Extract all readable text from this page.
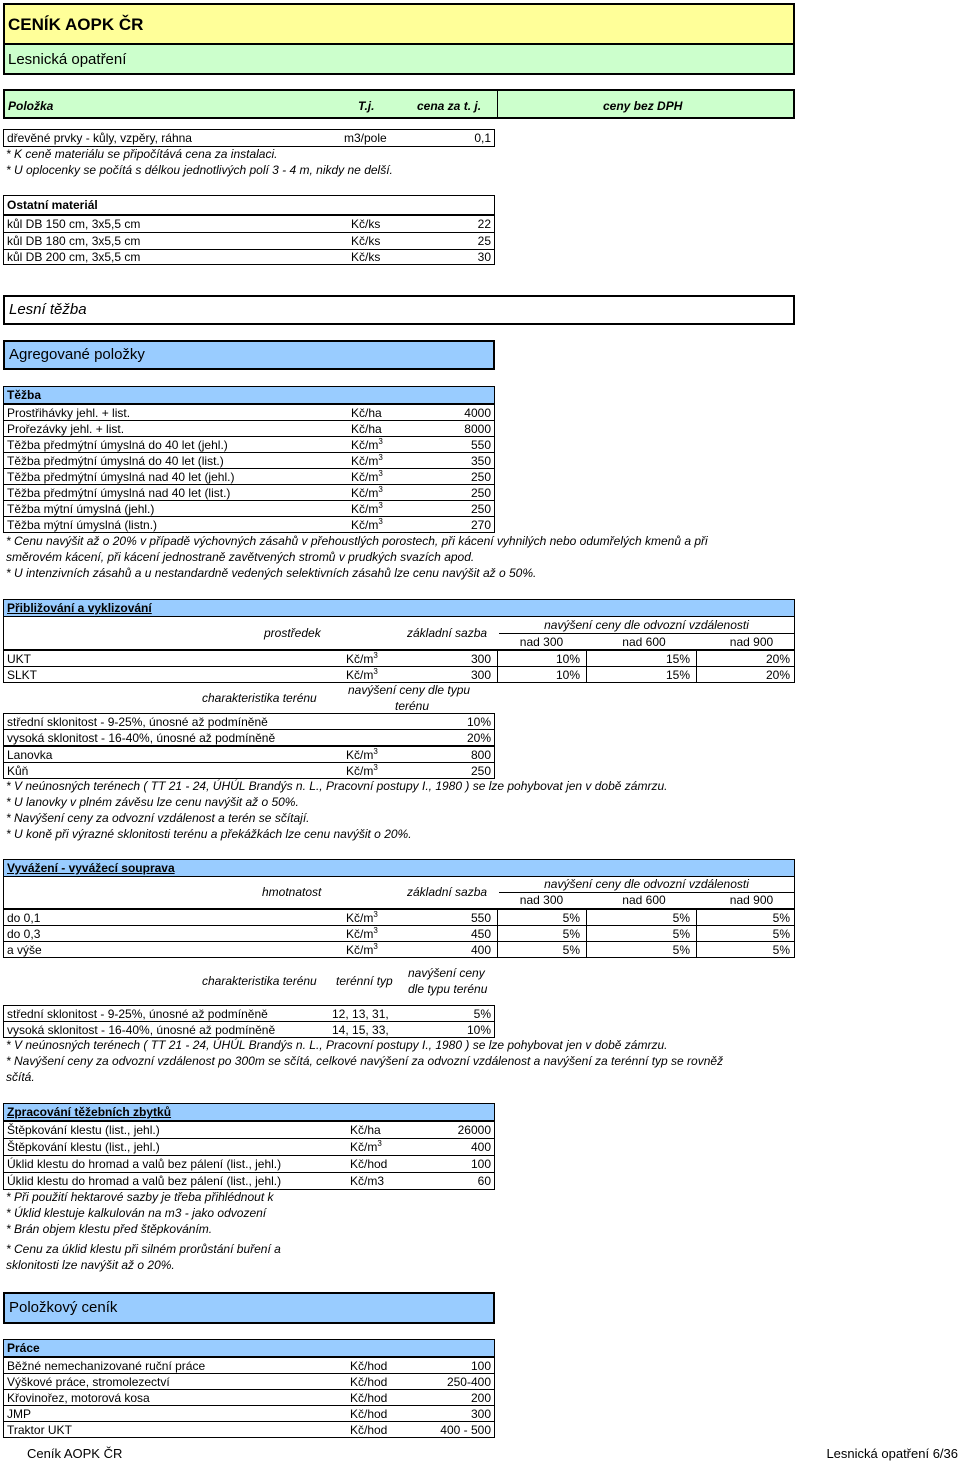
CENÍK AOPK ČR
Lesnická opatření
Položka	T.j.	cena za t. j.	ceny bez DPH
dřevěné prvky - kůly, vzpěry, ráhna	m3/pole	0,1
* K ceně materiálu se připočítává cena za instalaci.
* U oplocenky se počítá s délkou jednotlivých polí 3 - 4 m, nikdy ne delší.
Ostatní materiál
kůl DB 150 cm, 3x5,5 cm	Kč/ks	22
kůl DB 180 cm, 3x5,5 cm	Kč/ks	25
kůl DB 200 cm, 3x5,5 cm	Kč/ks	30
Lesní těžba
Agregované položky
Těžba
Prostřihávky jehl. + list.	Kč/ha	4000
Prořezávky jehl. + list.	Kč/ha	8000
Těžba předmýtní úmyslná do 40 let (jehl.)	$Kč/m^3$	550
Těžba předmýtní úmyslná do 40 let (list.)	$Kč/m^3$	350
Těžba předmýtní úmyslná nad 40 let (jehl.)	$Kč/m^3$	250
Těžba předmýtní úmyslná nad 40 let (list.)	$Kč/m^3$	250
Těžba mýtní úmyslná (jehl.)	$Kč/m^3$	250
Těžba mýtní úmyslná (listn.)	$Kč/m^3$	270
* Cenu navýšit až o 20% v případě výchovných zásahů v přehoustlých porostech, při kácení vyhnilých nebo odumřelých kmenů a při
směrovém kácení, při kácení jednostraně zavětvených stromů v prudkých svazích apod.
* U intenzivních zásahů a u nestandardně vedených selektivních zásahů lze cenu navýšit až o 50%.
Přibližování a vyklizování
prostředek	základní sazba
navýšení ceny dle odvozní vzdálenosti
nad 300	nad 600	nad 900
UKT	$Kč/m^3$	300	10%	15%	20%
SLKT	$Kč/m^3$	300	10%	15%	20%
charakteristika terénu
navýšení ceny dle typu
terénu
střední sklonitost - 9-25%, únosné až podmíněně	10%
vysoká sklonitost - 16-40%, únosné až podmíněně	20%
Lanovka	$Kč/m^3$	800
Kůň	$Kč/m^3$	250
* V neúnosných terénech ( TT 21 - 24, ÚHÚL Brandýs n. L., Pracovní postupy I., 1980 ) se lze pohybovat jen v době zámrzu.
* U lanovky v plném závěsu lze cenu navýšit až o 50%.
* Navýšení ceny za odvozní vzdálenost a terén se sčítají.
* U koně při výrazné sklonitosti terénu a překážkách lze cenu navýšit o 20%.
Vyvážení - vyvážecí souprava
hmotnatost	základní sazba
navýšení ceny dle odvozní vzdálenosti
nad 300	nad 600	nad 900
do 0,1	$Kč/m^3$	550	5%	5%	5%
do 0,3	$Kč/m^3$	450	5%	5%	5%
a výše	$Kč/m^3$	400	5%	5%	5%
charakteristika terénu terénní typ
navýšení ceny
dle typu terénu
střední sklonitost - 9-25%, únosné až podmíněně	12, 13, 31,	5%
vysoká sklonitost - 16-40%, únosné až podmíněně	14, 15, 33,	10%
* V neúnosných terénech ( TT 21 - 24, ÚHÚL Brandýs n. L., Pracovní postupy I., 1980 ) se lze pohybovat jen v době zámrzu.
* Navýšení ceny za odvozní vzdálenost po 300m se sčítá, celkové navýšení za odvozní vzdálenost a navýšení za terénní typ se rovněž
sčítá.
Zpracování těžebních zbytků
Štěpkování klestu (list., jehl.)	Kč/ha	26000
Štěpkování klestu (list., jehl.)	$Kč/m^3$	400
Úklid klestu do hromad a valů bez pálení (list., jehl.)	Kč/hod	100
Úklid klestu do hromad a valů bez pálení (list., jehl.)	Kč/m3	60
* Při použití hektarové sazby je třeba přihlédnout k
* Úklid klestuje kalkulován na m3 - jako odvození
* Brán objem klestu před štěpkováním.
* Cenu za úklid klestu při silném prorůstání buření a
sklonitosti lze navýšit až o 20%.
Položkový ceník
Práce
Běžné nemechanizované ruční práce	Kč/hod	100
Výškové práce, stromolezectví	Kč/hod	250-400
Křovinořez, motorová kosa	Kč/hod	200
JMP	Kč/hod	300
Traktor UKT	Kč/hod	400 - 500
Ceník AOPK ČR	Lesnická opatření 6/36
